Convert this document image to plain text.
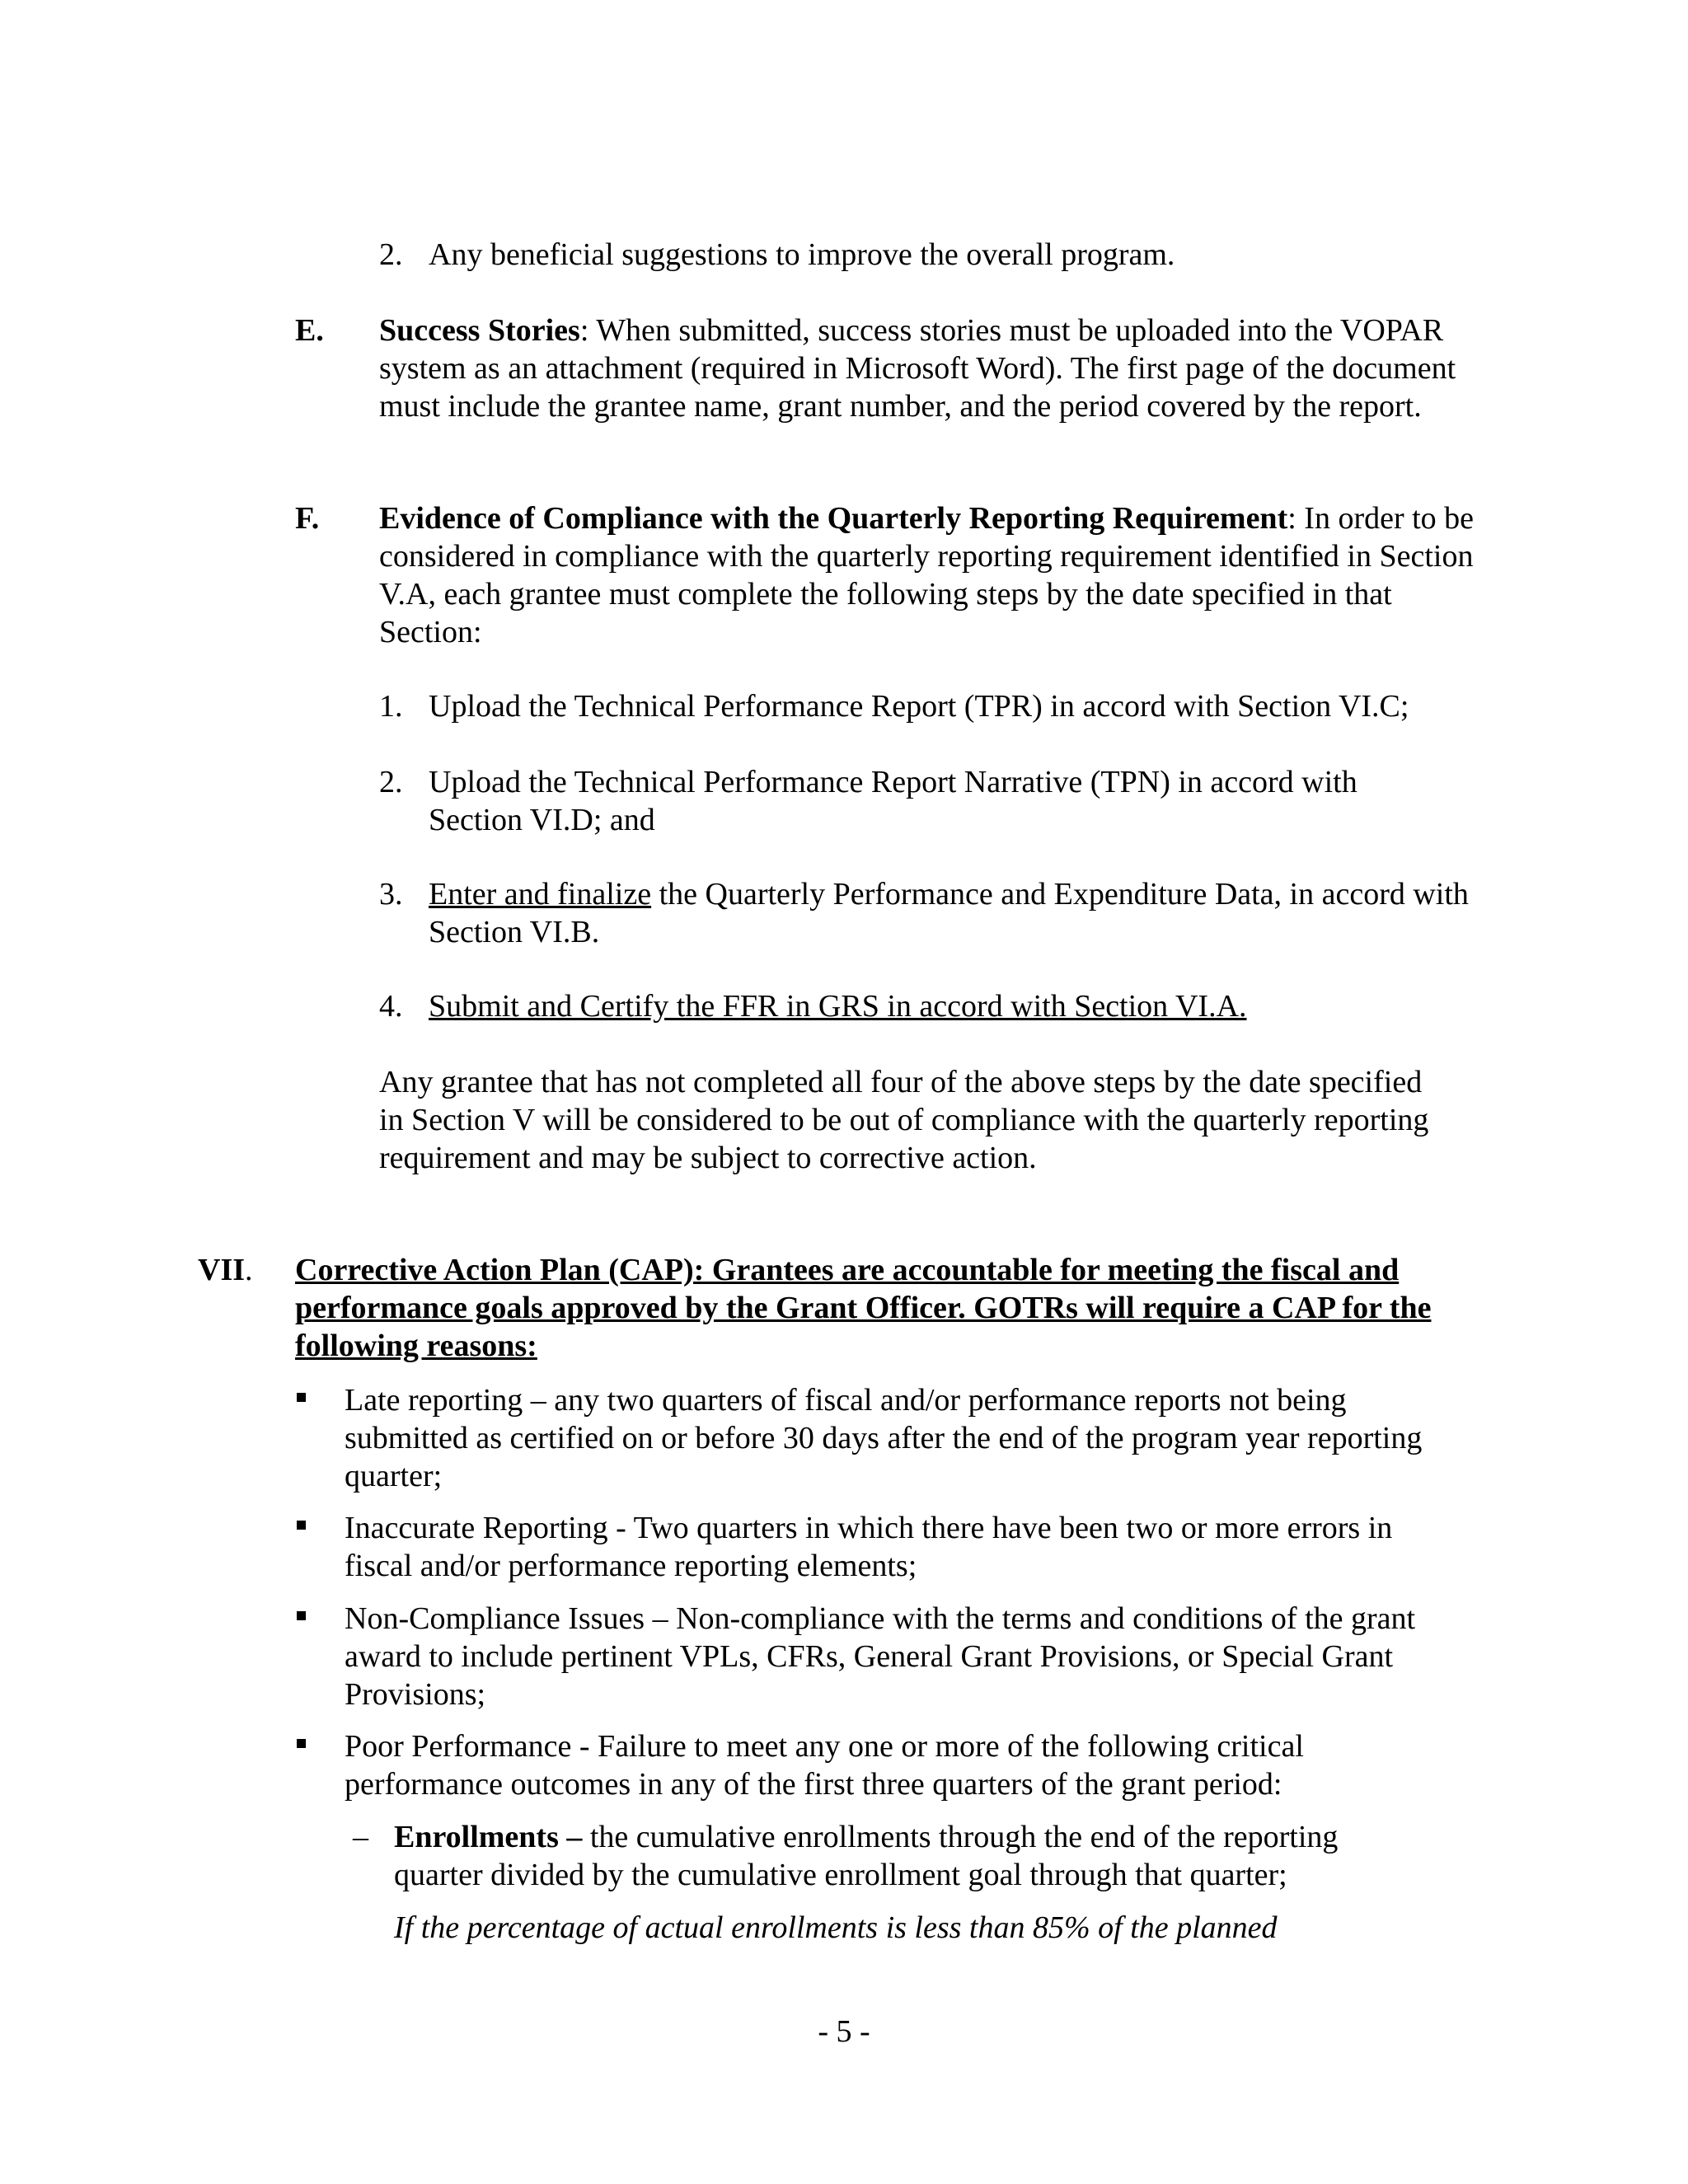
2. Any beneficial suggestions to improve the overall program.
E. Success Stories: When submitted, success stories must be uploaded into the VOPAR system as an attachment (required in Microsoft Word). The first page of the document must include the grantee name, grant number, and the period covered by the report.
F. Evidence of Compliance with the Quarterly Reporting Requirement: In order to be considered in compliance with the quarterly reporting requirement identified in Section V.A, each grantee must complete the following steps by the date specified in that Section:
1. Upload the Technical Performance Report (TPR) in accord with Section VI.C;
2. Upload the Technical Performance Report Narrative (TPN) in accord with Section VI.D; and
3. Enter and finalize the Quarterly Performance and Expenditure Data, in accord with Section VI.B.
4. Submit and Certify the FFR in GRS in accord with Section VI.A.
Any grantee that has not completed all four of the above steps by the date specified in Section V will be considered to be out of compliance with the quarterly reporting requirement and may be subject to corrective action.
VII. Corrective Action Plan (CAP): Grantees are accountable for meeting the fiscal and performance goals approved by the Grant Officer. GOTRs will require a CAP for the following reasons:
Late reporting – any two quarters of fiscal and/or performance reports not being submitted as certified on or before 30 days after the end of the program year reporting quarter;
Inaccurate Reporting - Two quarters in which there have been two or more errors in fiscal and/or performance reporting elements;
Non-Compliance Issues – Non-compliance with the terms and conditions of the grant award to include pertinent VPLs, CFRs, General Grant Provisions, or Special Grant Provisions;
Poor Performance - Failure to meet any one or more of the following critical performance outcomes in any of the first three quarters of the grant period:
– Enrollments – the cumulative enrollments through the end of the reporting quarter divided by the cumulative enrollment goal through that quarter;
If the percentage of actual enrollments is less than 85% of the planned
- 5 -
